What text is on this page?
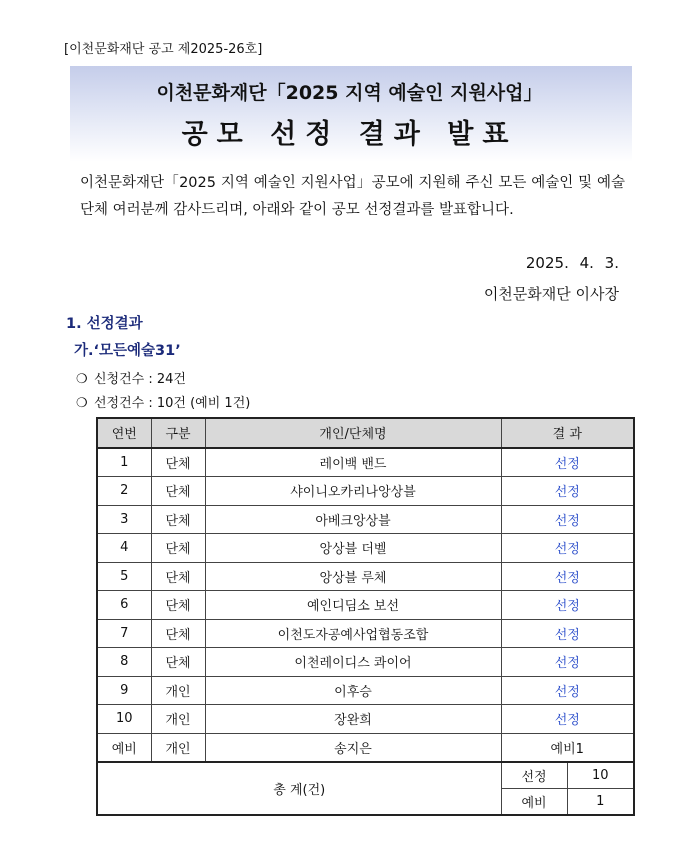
[이천문화재단 공고 제2025-26호]
이천문화재단「2025 지역 예술인 지원사업」
공모 선정 결과 발표
이천문화재단「2025 지역 예술인 지원사업」공모에 지원해 주신 모든 예술인 및 예술단체 여러분께 감사드리며, 아래와 같이 공모 선정결과를 발표합니다.
2025. 4. 3.
이천문화재단 이사장
1. 선정결과
가.‘모든예술31’
❍ 신청건수 : 24건
❍ 선정건수 : 10건 (예비 1건)
연번	구분	개인/단체명	결 과	
1	단체	레이백 밴드	선정	
2	단체	샤이니오카리나앙상블	선정	
3	단체	아베크앙상블	선정	
4	단체	앙상블 더벨	선정	
5	단체	앙상블 루체	선정	
6	단체	예인디딤소 보선	선정	
7	단체	이천도자공예사업협동조합	선정	
8	단체	이천레이디스 콰이어	선정	
9	개인	이후승	선정	
10	개인	장완희	선정	
예비	개인	송지은	예비1	
총 계(건)			선정	10
			예비	1
